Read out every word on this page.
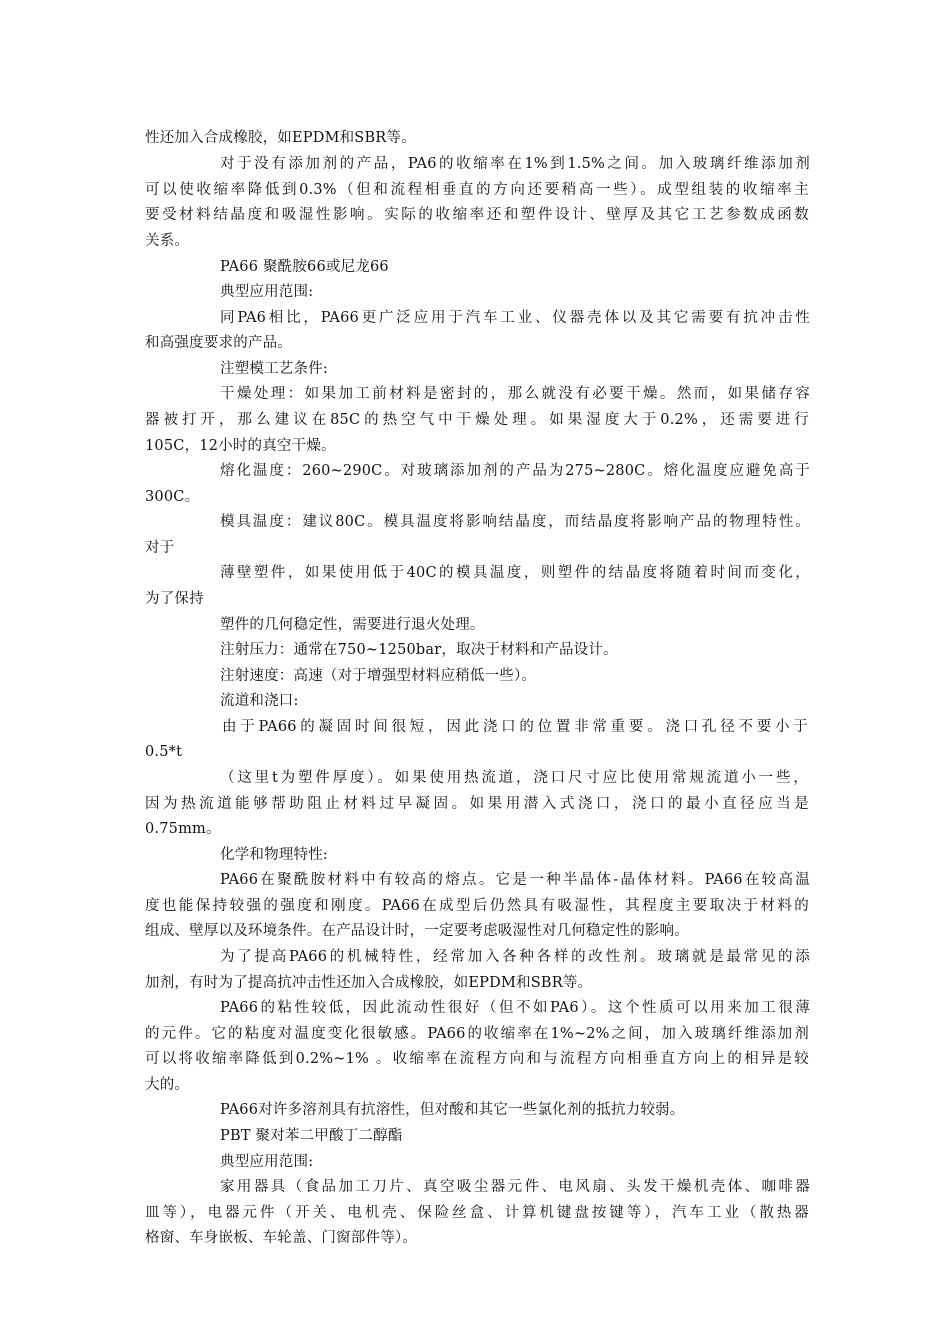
性还加入合成橡胶，如EPDM和SBR等。
对于没有添加剂的产品，PA6的收缩率在1%到1.5%之间。加入玻璃纤维添加剂
可以使收缩率降低到0.3%（但和流程相垂直的方向还要稍高一些）。成型组装的收缩率主
要受材料结晶度和吸湿性影响。实际的收缩率还和塑件设计、壁厚及其它工艺参数成函数
关系。
PA66 聚酰胺66或尼龙66
典型应用范围:
同PA6相比，PA66更广泛应用于汽车工业、仪器壳体以及其它需要有抗冲击性
和高强度要求的产品。
注塑模工艺条件:
干燥处理：如果加工前材料是密封的，那么就没有必要干燥。然而，如果储存容
器被打开，那么建议在85C的热空气中干燥处理。如果湿度大于0.2%，还需要进行
105C，12小时的真空干燥。
熔化温度：260~290C。对玻璃添加剂的产品为275~280C。熔化温度应避免高于
300C。
模具温度：建议80C。模具温度将影响结晶度，而结晶度将影响产品的物理特性。
对于
薄壁塑件，如果使用低于40C的模具温度，则塑件的结晶度将随着时间而变化，
为了保持
塑件的几何稳定性，需要进行退火处理。
注射压力：通常在750~1250bar，取决于材料和产品设计。
注射速度：高速（对于增强型材料应稍低一些）。
流道和浇口:
由于PA66的凝固时间很短，因此浇口的位置非常重要。浇口孔径不要小于
0.5*t
（这里t为塑件厚度）。如果使用热流道，浇口尺寸应比使用常规流道小一些，
因为热流道能够帮助阻止材料过早凝固。如果用潜入式浇口，浇口的最小直径应当是
0.75mm。
化学和物理特性:
PA66在聚酰胺材料中有较高的熔点。它是一种半晶体-晶体材料。PA66在较高温
度也能保持较强的强度和刚度。PA66在成型后仍然具有吸湿性，其程度主要取决于材料的
组成、壁厚以及环境条件。在产品设计时，一定要考虑吸湿性对几何稳定性的影响。
为了提高PA66的机械特性，经常加入各种各样的改性剂。玻璃就是最常见的添
加剂，有时为了提高抗冲击性还加入合成橡胶，如EPDM和SBR等。
PA66的粘性较低，因此流动性很好（但不如PA6）。这个性质可以用来加工很薄
的元件。它的粘度对温度变化很敏感。PA66的收缩率在1%~2%之间，加入玻璃纤维添加剂
可以将收缩率降低到0.2%~1% 。收缩率在流程方向和与流程方向相垂直方向上的相异是较
大的。
PA66对许多溶剂具有抗溶性，但对酸和其它一些氯化剂的抵抗力较弱。
PBT 聚对苯二甲酸丁二醇酯
典型应用范围:
家用器具（食品加工刀片、真空吸尘器元件、电风扇、头发干燥机壳体、咖啡器
皿等），电器元件（开关、电机壳、保险丝盒、计算机键盘按键等），汽车工业（散热器
格窗、车身嵌板、车轮盖、门窗部件等）。
